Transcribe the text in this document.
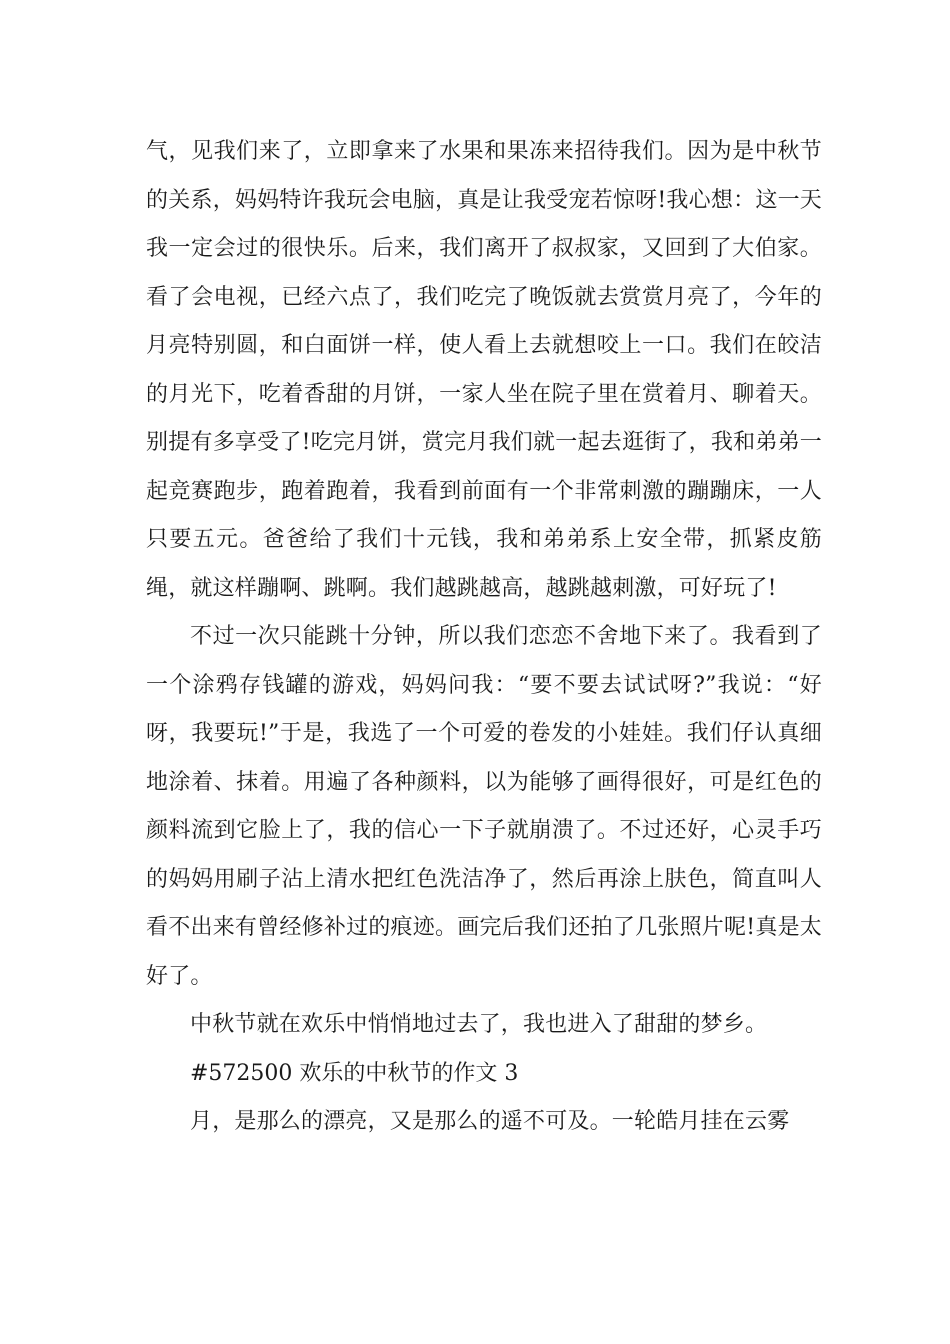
气，见我们来了，立即拿来了水果和果冻来招待我们。因为是中秋节的关系，妈妈特许我玩会电脑，真是让我受宠若惊呀!我心想：这一天我一定会过的很快乐。后来，我们离开了叔叔家，又回到了大伯家。看了会电视，已经六点了，我们吃完了晚饭就去赏赏月亮了，今年的月亮特别圆，和白面饼一样，使人看上去就想咬上一口。我们在皎洁的月光下，吃着香甜的月饼，一家人坐在院子里在赏着月、聊着天。别提有多享受了!吃完月饼，赏完月我们就一起去逛街了，我和弟弟一起竞赛跑步，跑着跑着，我看到前面有一个非常刺激的蹦蹦床，一人只要五元。爸爸给了我们十元钱，我和弟弟系上安全带，抓紧皮筋绳，就这样蹦啊、跳啊。我们越跳越高，越跳越刺激，可好玩了!

不过一次只能跳十分钟，所以我们恋恋不舍地下来了。我看到了一个涂鸦存钱罐的游戏，妈妈问我：“要不要去试试呀?”我说：“好呀，我要玩!”于是，我选了一个可爱的卷发的小娃娃。我们仔认真细地涂着、抹着。用遍了各种颜料，以为能够了画得很好，可是红色的颜料流到它脸上了，我的信心一下子就崩溃了。不过还好，心灵手巧的妈妈用刷子沾上清水把红色洗洁净了，然后再涂上肤色，简直叫人看不出来有曾经修补过的痕迹。画完后我们还拍了几张照片呢!真是太好了。

中秋节就在欢乐中悄悄地过去了，我也进入了甜甜的梦乡。

#572500 欢乐的中秋节的作文 3

月，是那么的漂亮，又是那么的遥不可及。一轮皓月挂在云雾
